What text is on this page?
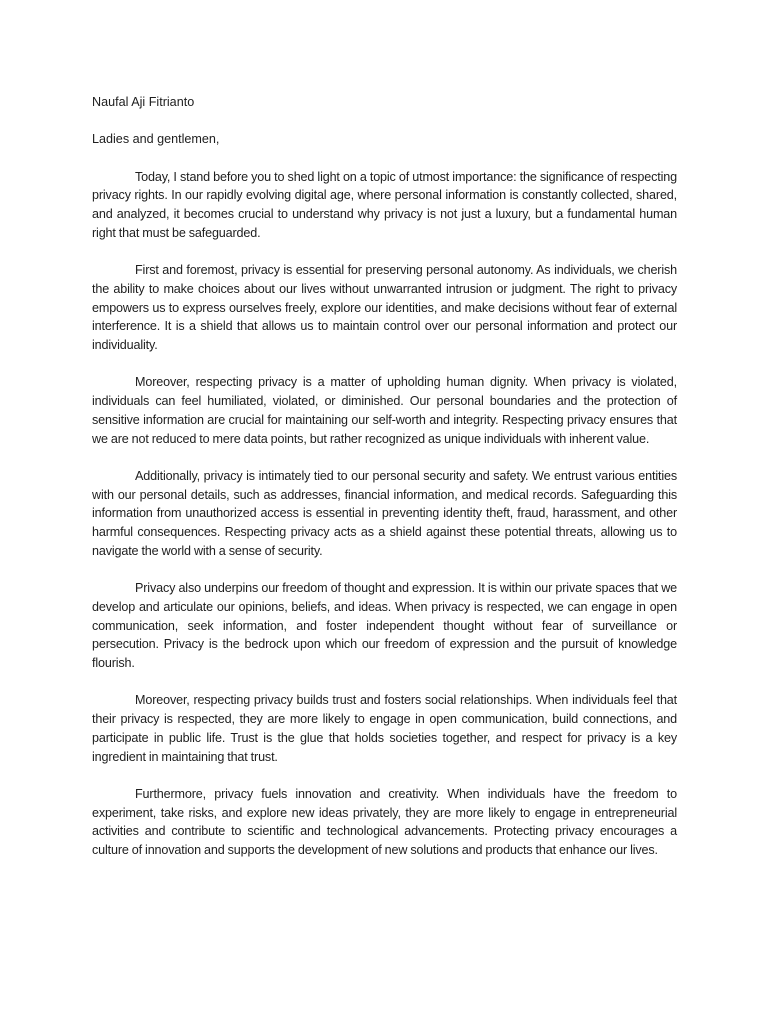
Naufal Aji Fitrianto

Ladies and gentlemen,

Today, I stand before you to shed light on a topic of utmost importance: the significance of respecting privacy rights. In our rapidly evolving digital age, where personal information is constantly collected, shared, and analyzed, it becomes crucial to understand why privacy is not just a luxury, but a fundamental human right that must be safeguarded.

First and foremost, privacy is essential for preserving personal autonomy. As individuals, we cherish the ability to make choices about our lives without unwarranted intrusion or judgment. The right to privacy empowers us to express ourselves freely, explore our identities, and make decisions without fear of external interference. It is a shield that allows us to maintain control over our personal information and protect our individuality.

Moreover, respecting privacy is a matter of upholding human dignity. When privacy is violated, individuals can feel humiliated, violated, or diminished. Our personal boundaries and the protection of sensitive information are crucial for maintaining our self-worth and integrity. Respecting privacy ensures that we are not reduced to mere data points, but rather recognized as unique individuals with inherent value.

Additionally, privacy is intimately tied to our personal security and safety. We entrust various entities with our personal details, such as addresses, financial information, and medical records. Safeguarding this information from unauthorized access is essential in preventing identity theft, fraud, harassment, and other harmful consequences. Respecting privacy acts as a shield against these potential threats, allowing us to navigate the world with a sense of security.

Privacy also underpins our freedom of thought and expression. It is within our private spaces that we develop and articulate our opinions, beliefs, and ideas. When privacy is respected, we can engage in open communication, seek information, and foster independent thought without fear of surveillance or persecution. Privacy is the bedrock upon which our freedom of expression and the pursuit of knowledge flourish.

Moreover, respecting privacy builds trust and fosters social relationships. When individuals feel that their privacy is respected, they are more likely to engage in open communication, build connections, and participate in public life. Trust is the glue that holds societies together, and respect for privacy is a key ingredient in maintaining that trust.

Furthermore, privacy fuels innovation and creativity. When individuals have the freedom to experiment, take risks, and explore new ideas privately, they are more likely to engage in entrepreneurial activities and contribute to scientific and technological advancements. Protecting privacy encourages a culture of innovation and supports the development of new solutions and products that enhance our lives.
